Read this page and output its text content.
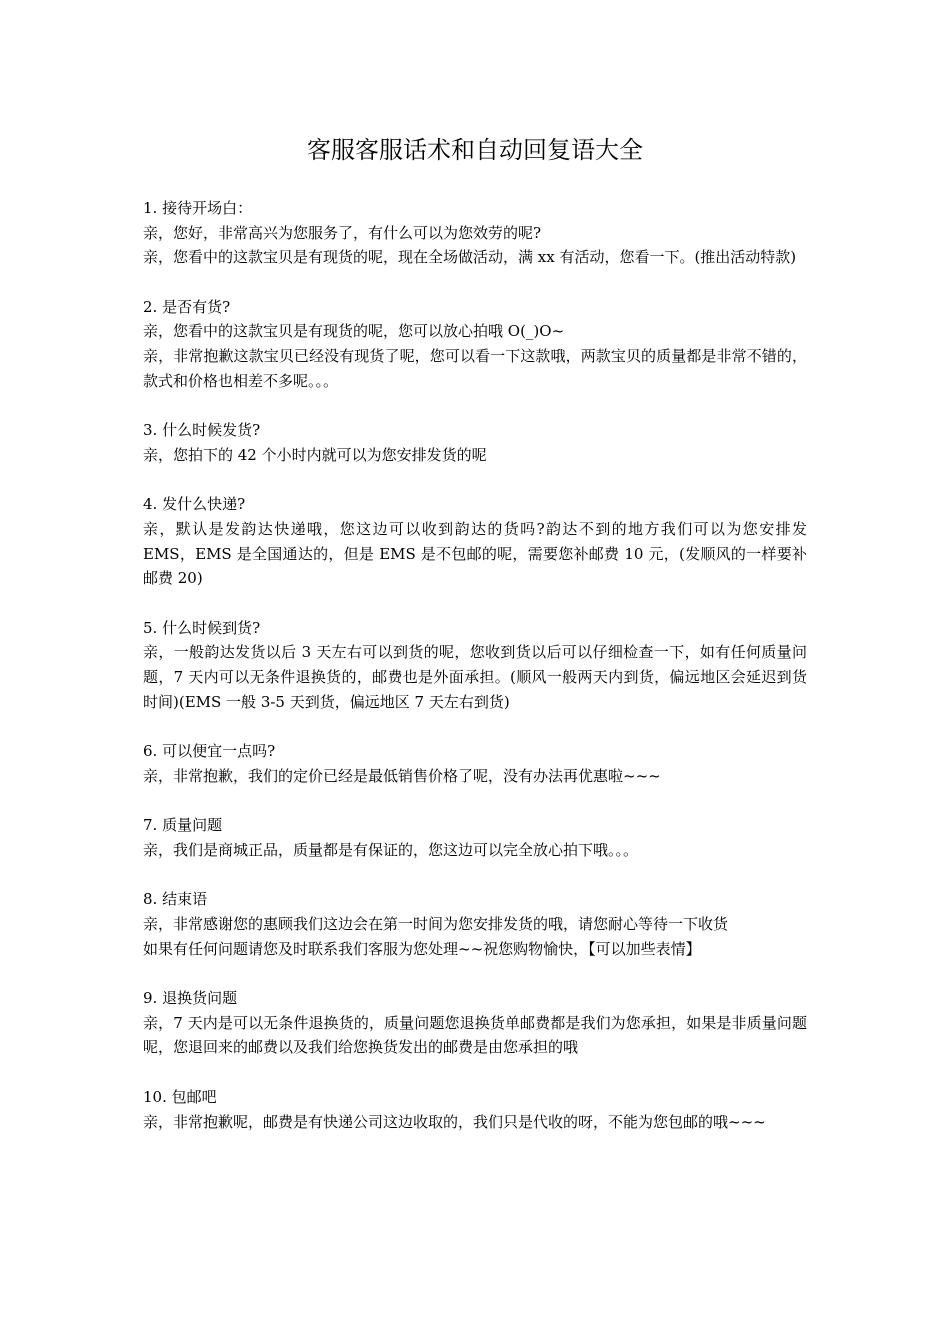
客服客服话术和自动回复语大全

1. 接待开场白：

亲，您好，非常高兴为您服务了，有什么可以为您效劳的呢?

亲，您看中的这款宝贝是有现货的呢，现在全场做活动，满 xx 有活动，您看一下。(推出活动特款)

2. 是否有货?

亲，您看中的这款宝贝是有现货的呢，您可以放心拍哦 O(_)O~

亲，非常抱歉这款宝贝已经没有现货了呢，您可以看一下这款哦，两款宝贝的质量都是非常不错的，款式和价格也相差不多呢。。。

3. 什么时候发货?

亲，您拍下的 42 个小时内就可以为您安排发货的呢

4. 发什么快递?

亲，默认是发韵达快递哦，您这边可以收到韵达的货吗?韵达不到的地方我们可以为您安排发 EMS，EMS 是全国通达的，但是 EMS 是不包邮的呢，需要您补邮费 10 元，(发顺风的一样要补邮费 20)

5. 什么时候到货?

亲，一般韵达发货以后 3 天左右可以到货的呢，您收到货以后可以仔细检查一下，如有任何质量问题，7 天内可以无条件退换货的，邮费也是外面承担。(顺风一般两天内到货，偏远地区会延迟到货时间)(EMS 一般 3-5 天到货，偏远地区 7 天左右到货)

6. 可以便宜一点吗?

亲，非常抱歉，我们的定价已经是最低销售价格了呢，没有办法再优惠啦~~~

7. 质量问题

亲，我们是商城正品，质量都是有保证的，您这边可以完全放心拍下哦。。。

8. 结束语

亲，非常感谢您的惠顾我们这边会在第一时间为您安排发货的哦，请您耐心等待一下收货

如果有任何问题请您及时联系我们客服为您处理~~祝您购物愉快，【可以加些表情】

9. 退换货问题

亲，7 天内是可以无条件退换货的，质量问题您退换货单邮费都是我们为您承担，如果是非质量问题呢，您退回来的邮费以及我们给您换货发出的邮费是由您承担的哦

10. 包邮吧

亲，非常抱歉呢，邮费是有快递公司这边收取的，我们只是代收的呀，不能为您包邮的哦~~~
